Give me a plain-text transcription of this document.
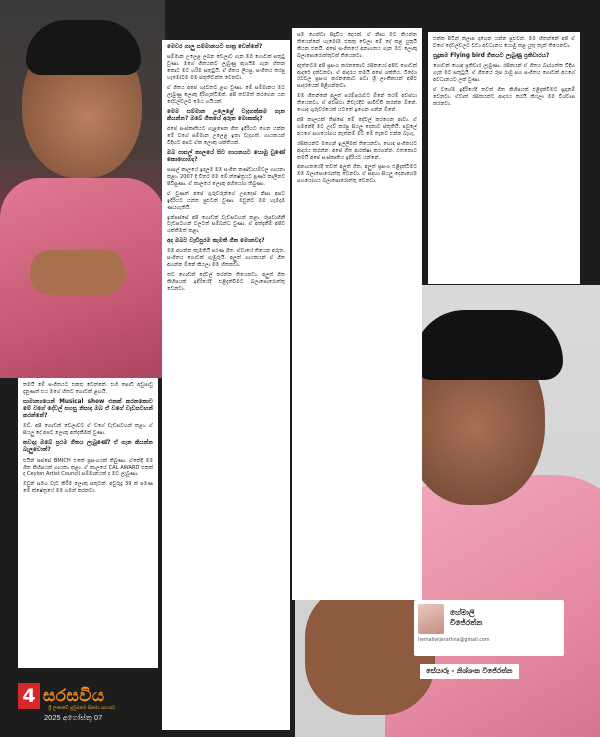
මෙවර ගාලු සම්මානයට පාත්‍ර වෙන්නේ?

සම්මාන උලෙළ ලබන වෙලාව ගැන මම ගොඩක් සතුටු වුණා. මගේ ගීතයකට ලැබුණු ඇගයීම ගැන හිතන කොට මට හරිම සතුටුයි. ඒ ගීතය ලියපු, සංගීතය කරපු හැමෝටම මම ස්තූතිවන්ත වෙනවා.

ඒ ගීතය අපේ හදවතට ළඟ වුණා. මේ සම්මානය මට ලැබුණු ලොකු දිරිගැන්වීමක්. අපි තවමත් කරගෙන යන දේවල්වලට මෙය හයියක්.

මෙම සම්මාන උලෙළේ වැදගත්කම ගැන කියන්න? ඔබේ ගීතයේ අරුත මොකක්ද?

අපේ සංස්කෘතියට ගැළපෙන ගීත ඉදිරියට ගෙන යන්න මේ වගේ සම්මාන උලෙළ ඉතා වැදගත්. ගායකයන් විදිහට අපට ඒක ලොකු ශක්තියක්.

ඔබ පාසල් කාලයේ සිට ගායනයට යොමු වුණේ කොහොමද?

පාසල් කාලයේ ඉඳලම මම සංගීත කණ්ඩායම්වල ගායනා කළා. 2007 දී විතර මම මේ ක්ෂේත්‍රයට පූර්ණ කාලීනව පිවිසුණා. ඒ කාලයේ ලොකු අභියෝග තිබුණා.

ඒ වුණත් අපේ ගුරුවරුන්ගේ උපදෙස් නිසා අපට ඉදිරියට යන්න පුළුවන් වුණා. ඔවුන්ට මම හැමදාම ණයගැතියි.

ඉන්පස්සේ අපි ගොඩක් වැඩසටහන් කළා. රූපවාහිනී වැඩසටහන් වලටත් සම්බන්ධ වුණා. ඒ අත්දැකීම් අපිව ශක්තිමත් කළා.

අද ඔබට වැඩිපුරම කැමති ගීත මොනවද?

මම අහන්න කැමතියි පරණ ගීත. ඒවායේ තියෙන අරුත, සංගීතය ගොඩක් ගැඹුරුයි. අලුත් ගායකයන් ඒ ගීත අහන්න ඕනේ කියලා මම හිතනවා.

තව ගොඩක් දේවල් කරන්න තියෙනවා. අලුත් ගීත කිහිපයක් ඉදිරියේදී එළිදැක්වීමට බලාපොරොත්තු වෙනවා.

සම ගෙන්වා සිදුවිය දෙයක්. ඒ නිසා මට කියන්න තියෙන්නේ හැමෝම එකතු වෙලා මේ දේ කළ යුතුයි කියන එකයි. අපේ සංගීතයේ අනාගතය ගැන මට ලොකු බලාපොරොත්තුවක් තියෙනවා.

ඇත්තටම අපි ප්‍රසංග කරනකොට රසිකයෝ අපිට ගොඩක් ආදරේ දක්වනවා. ඒ ආදරය තමයි අපේ ශක්තිය. විදේශ රටවල ප්‍රසංග කරනකොට පවා ශ්‍රී ලාංකිකයන් අපිව සාදරයෙන් පිළිගන්නවා.

මම හිතන්නේ අලුත් පරම්පරාවට ඕනේ තරම් අවස්ථා තියෙනවා. ඒ අවස්ථා නිවැරදිව පාවිච්චි කරන්න ඕනේ. හොඳ ගුරුවරයෙක් යටතේ ඉගෙන ගන්න ඕනේ.

අපි කාලයක් තිස්සේ මේ දේවල් කරගෙන ආවා. ඒ ගමනේදී මට උදව් කරපු සියලු දෙනාට ස්තූතියි. පවුලේ අයගේ සහයෝගය නැත්නම් මට මේ තැනට එන්න බැහැ.

රසිකයන්ට මගෙන් ඉල්ලීමක් තියෙනවා. හොඳ සංගීතයට ආදරය කරන්න. අපේ ගීත ආරක්ෂා කරගන්න. එතකොට තමයි අපේ සංස්කෘතිය ඉදිරියට යන්නේ.

අනාගතයේදී තවත් අලුත් ගීත, අලුත් ප්‍රසංග එළිදැක්වීමට මම බලාපොරොත්තු වෙනවා. ඒ සඳහා සියලු දෙනාගේම සහයෝගය බලාපොරොත්තු වෙනවා.

එක්ක පිටින් කලාප දාගෙන යන්න පුළුවන්. මම හිතන්නේ අපි ඒ වගේ දේවල්වලට වඩා අවධානය යොමු කළ යුතු තැන් තියෙනවා.

සූදුකම Flying bird ගීතයට ලැබුණු ප්‍රතිචාරය?

ගොඩක් හොඳ ප්‍රතිචාර ලැබුණා. රසිකයන් ඒ ගීතය බාරගත්ත විදිහ ගැන මට සතුටුයි. ඒ ගීතයේ රූප රාමු සහ සංගීතය ගොඩක් අයගේ අවධානයට ලක් වුණා.

ඒ වගේම ඉදිරියේදී තවත් ගීත කිහිපයක් එළිදැක්වීමට සූදානම් වෙනවා. ඒවාත් රසිකයන්ට ආදරය කරයි කියලා මම විශ්වාස කරනවා.

තමයි මේ සංගීතයට එකතු වෙන්නේ. එහි පොඩි අඩුපාඩු දැනුණත් එය මගේ හිතට ගොඩක් ළඟයි.

සාමාන්‍යයෙන් Musical show එකක් කරනකොට මේ වගේ දේවල් පහසු නිසාද ඔබ ඒ වගේ වැඩසටහන් කරන්නේ?

ඔව්. අපි ගොඩක් වෙලාවට ඒ වගේ වැඩසටහන් කළා. ඒ සියලු දේ අපට ලොකු අත්දැකීමක් වුණා.

කවදාද ඔබේ ප්‍රථම ගීතය ලැබුණේ? ඒ ගැන කියන්න බැලුවොත්?

එයින් පස්සේ BMICH එකේ ප්‍රසංගයක් තිබුණා. ඒකේදී මම ගීත කිහිපයක් ගායනා කළා. ඒ කාලයේ CAL AWARD එකක් ද Ceylon Artist Council සම්මානයක් ද මට ලැබුණා.

ඔවුන් සමග වැඩ කිරීම ලොකු සතුටක්. අවුරුදු 39 ක් පමණ මේ ක්ෂේත්‍රයේ මම ගමන් කරනවා.

හේමාලි
විජේරත්න
hemaliwijerathna@gmail.com
සේයාරූ - නිශ්ශංක විජේරත්න
4 සරසවිය
ශ්‍රී ලංකාවේ ප්‍රමුඛතම සිනමා සඟරාව
2025 අගෝස්තු 07
